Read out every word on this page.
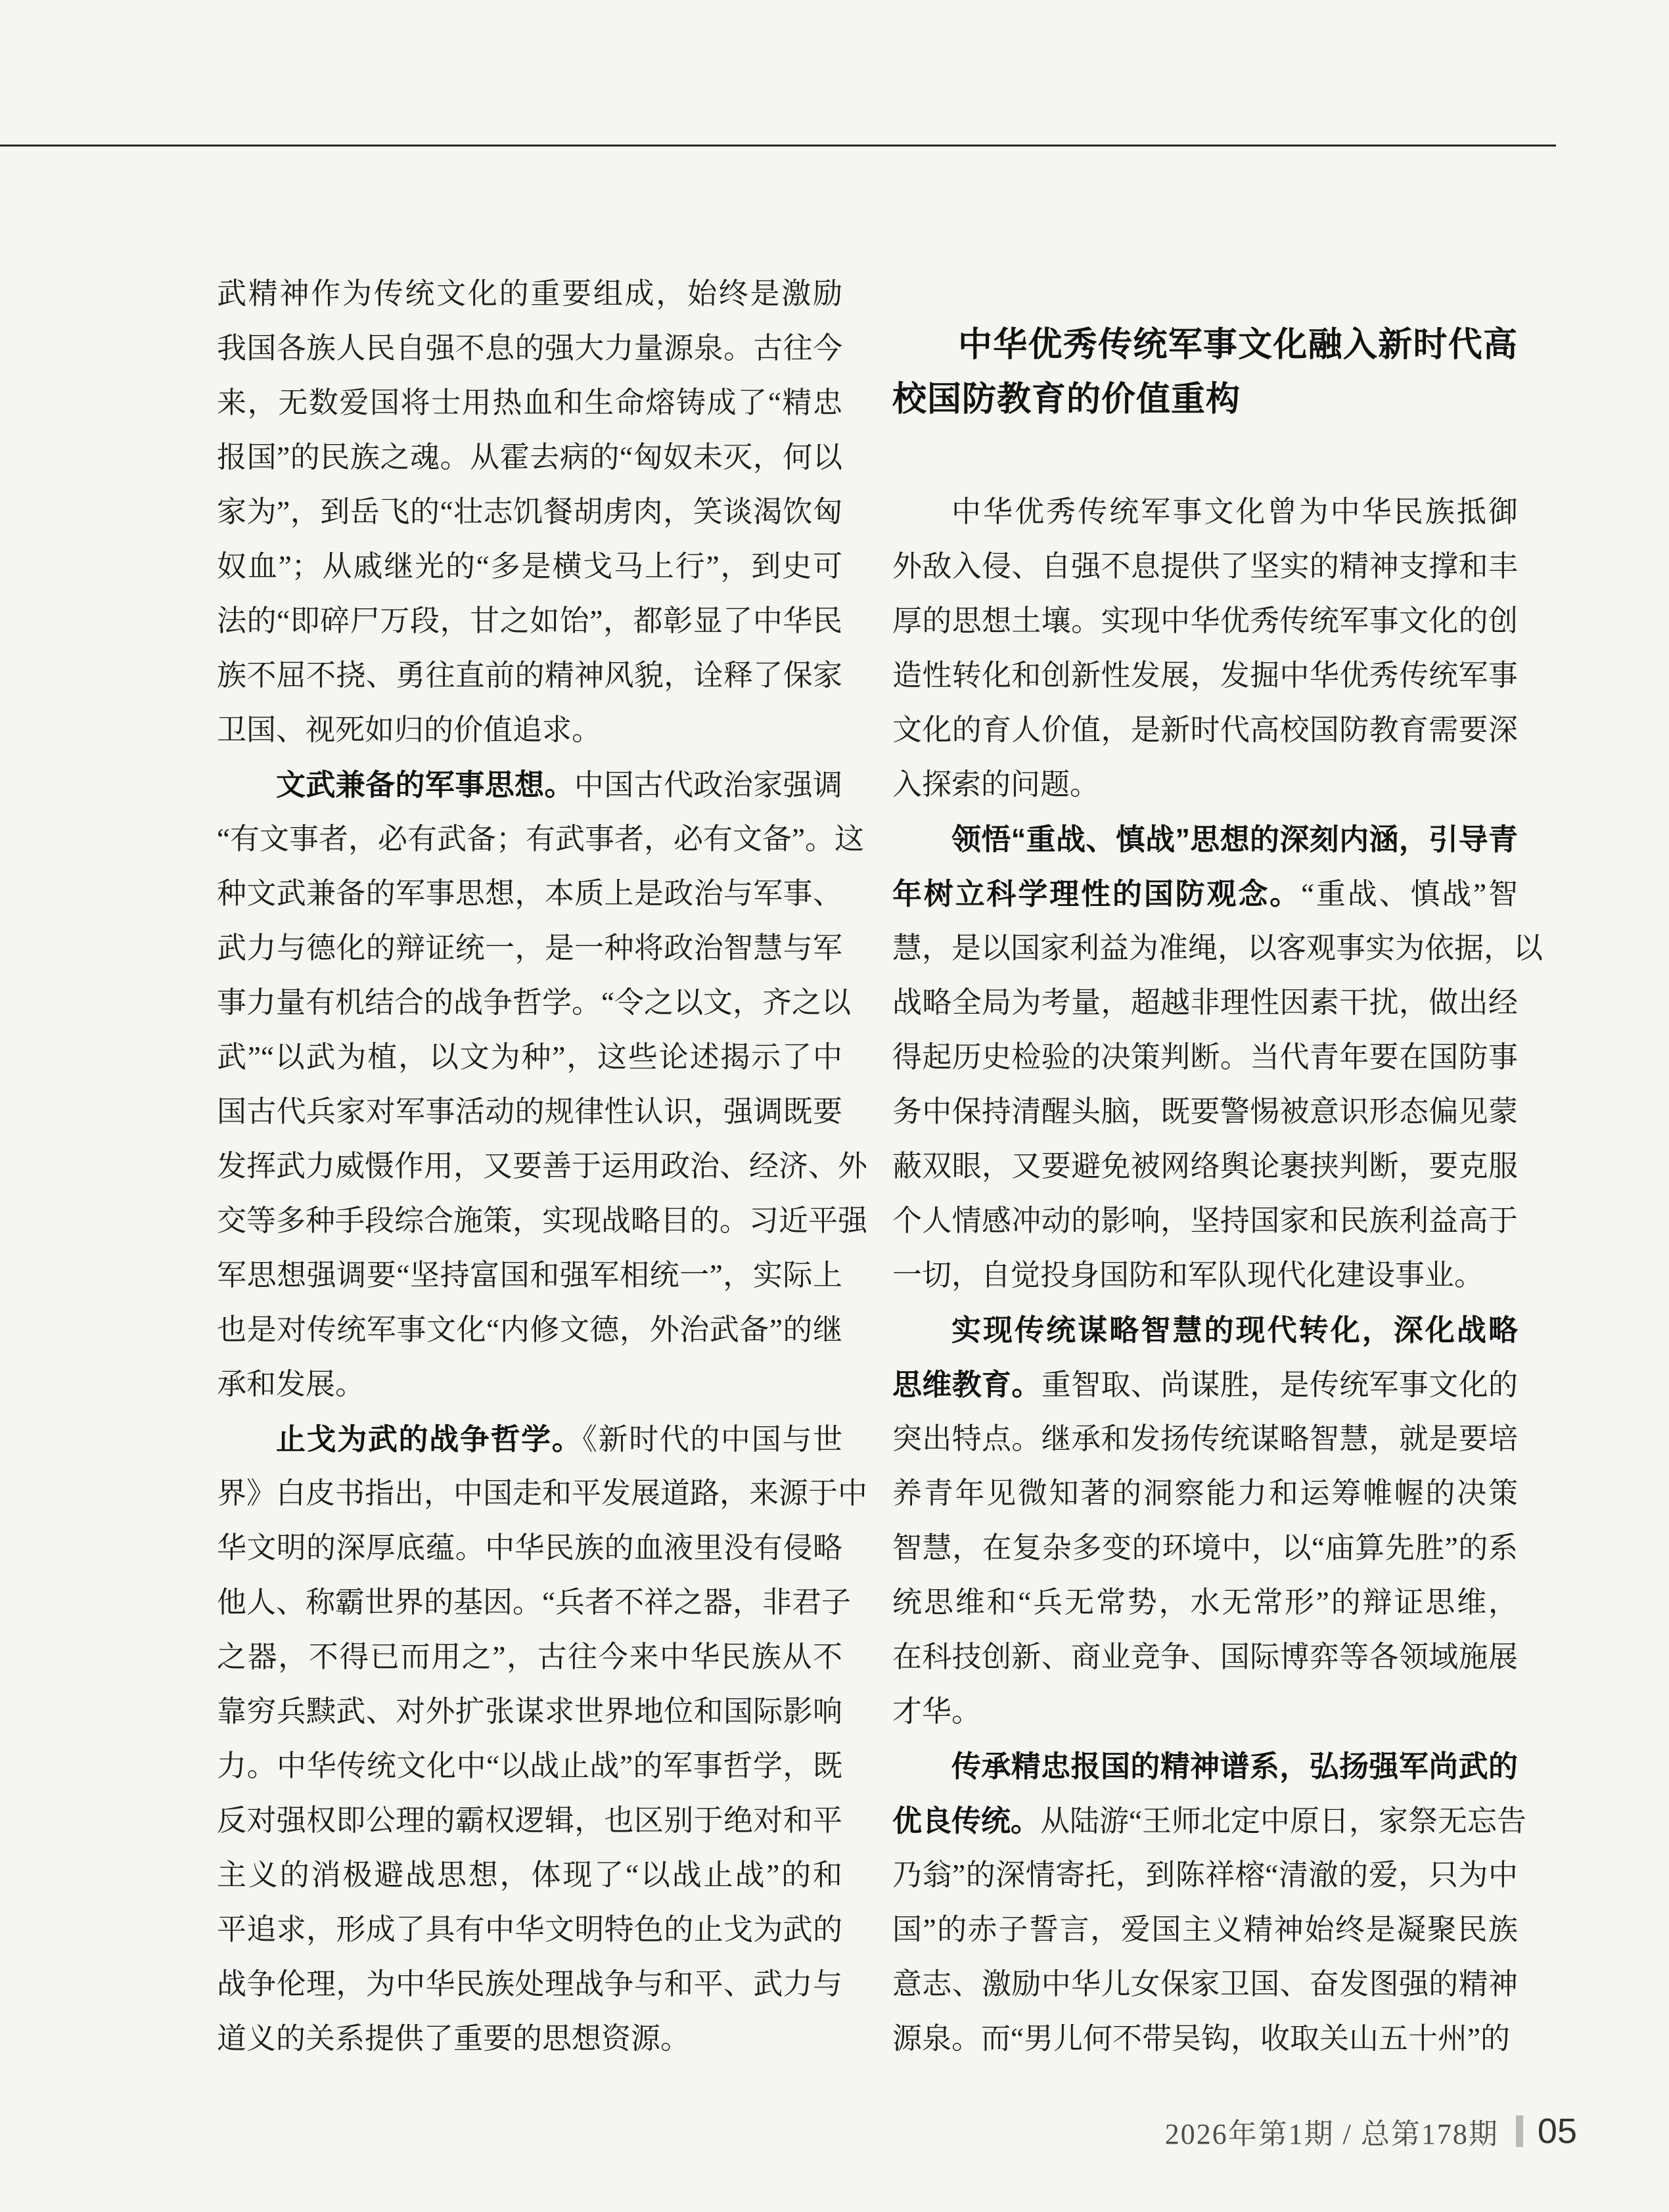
武精神作为传统文化的重要组成，始终是激励
我国各族人民自强不息的强大力量源泉。古往今
来，无数爱国将士用热血和生命熔铸成了“精忠
报国”的民族之魂。从霍去病的“匈奴未灭，何以
家为”，到岳飞的“壮志饥餐胡虏肉，笑谈渴饮匈
奴血”；从戚继光的“多是横戈马上行”，到史可
法的“即碎尸万段，甘之如饴”，都彰显了中华民
族不屈不挠、勇往直前的精神风貌，诠释了保家
卫国、视死如归的价值追求。
文武兼备的军事思想。中国古代政治家强调
“有文事者，必有武备；有武事者，必有文备”。这
种文武兼备的军事思想，本质上是政治与军事、
武力与德化的辩证统一，是一种将政治智慧与军
事力量有机结合的战争哲学。“令之以文，齐之以
武”“以武为植，以文为种”，这些论述揭示了中
国古代兵家对军事活动的规律性认识，强调既要
发挥武力威慑作用，又要善于运用政治、经济、外
交等多种手段综合施策，实现战略目的。习近平强
军思想强调要“坚持富国和强军相统一”，实际上
也是对传统军事文化“内修文德，外治武备”的继
承和发展。
止戈为武的战争哲学。《新时代的中国与世
界》白皮书指出，中国走和平发展道路，来源于中
华文明的深厚底蕴。中华民族的血液里没有侵略
他人、称霸世界的基因。“兵者不祥之器，非君子
之器，不得已而用之”，古往今来中华民族从不
靠穷兵黩武、对外扩张谋求世界地位和国际影响
力。中华传统文化中“以战止战”的军事哲学，既
反对强权即公理的霸权逻辑，也区别于绝对和平
主义的消极避战思想，体现了“以战止战”的和
平追求，形成了具有中华文明特色的止戈为武的
战争伦理，为中华民族处理战争与和平、武力与
道义的关系提供了重要的思想资源。
中华优秀传统军事文化融入新时代高
校国防教育的价值重构
中华优秀传统军事文化曾为中华民族抵御
外敌入侵、自强不息提供了坚实的精神支撑和丰
厚的思想土壤。实现中华优秀传统军事文化的创
造性转化和创新性发展，发掘中华优秀传统军事
文化的育人价值，是新时代高校国防教育需要深
入探索的问题。
领悟“重战、慎战”思想的深刻内涵，引导青
年树立科学理性的国防观念。“重战、慎战”智
慧，是以国家利益为准绳，以客观事实为依据，以
战略全局为考量，超越非理性因素干扰，做出经
得起历史检验的决策判断。当代青年要在国防事
务中保持清醒头脑，既要警惕被意识形态偏见蒙
蔽双眼，又要避免被网络舆论裹挟判断，要克服
个人情感冲动的影响，坚持国家和民族利益高于
一切，自觉投身国防和军队现代化建设事业。
实现传统谋略智慧的现代转化，深化战略
思维教育。重智取、尚谋胜，是传统军事文化的
突出特点。继承和发扬传统谋略智慧，就是要培
养青年见微知著的洞察能力和运筹帷幄的决策
智慧，在复杂多变的环境中，以“庙算先胜”的系
统思维和“兵无常势，水无常形”的辩证思维，
在科技创新、商业竞争、国际博弈等各领域施展
才华。
传承精忠报国的精神谱系，弘扬强军尚武的
优良传统。从陆游“王师北定中原日，家祭无忘告
乃翁”的深情寄托，到陈祥榕“清澈的爱，只为中
国”的赤子誓言，爱国主义精神始终是凝聚民族
意志、激励中华儿女保家卫国、奋发图强的精神
源泉。而“男儿何不带吴钩，收取关山五十州”的
2026年第1期 / 总第178期 05
